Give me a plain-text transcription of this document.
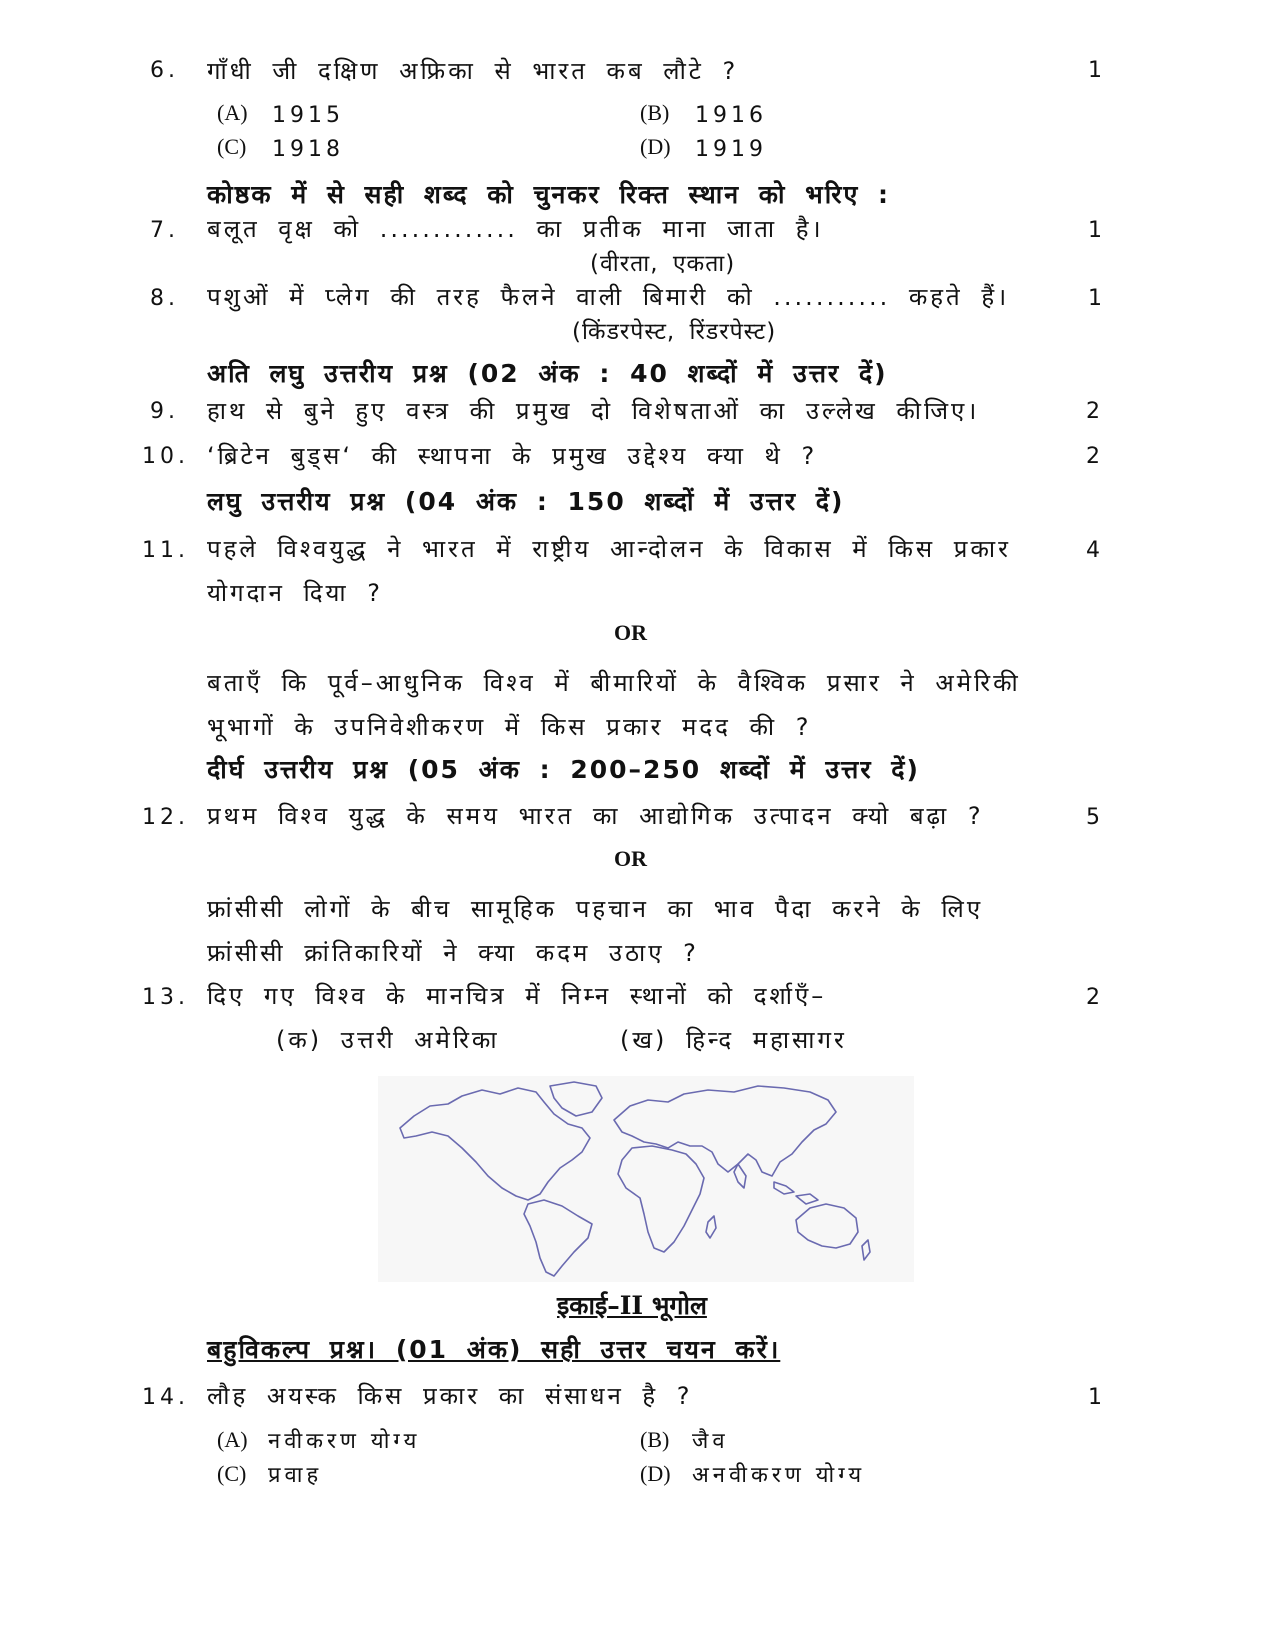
6. गाँधी जी दक्षिण अफ्रिका से भारत कब लौटे ?	1
(A) 1915	(B) 1916
(C) 1918	(D) 1919
कोष्ठक में से सही शब्द को चुनकर रिक्त स्थान को भरिए :
7. बलूत वृक्ष को ............. का प्रतीक माना जाता है।	1
(वीरता, एकता)
8. पशुओं में प्लेग की तरह फैलने वाली बिमारी को ........... कहते हैं।	1
(किंडरपेस्ट, रिंडरपेस्ट)
अति लघु उत्तरीय प्रश्न (02 अंक : 40 शब्दों में उत्तर दें)
9. हाथ से बुने हुए वस्त्र की प्रमुख दो विशेषताओं का उल्लेख कीजिए।	2
10. ‘ब्रिटेन बुड्स‘ की स्थापना के प्रमुख उद्देश्य क्या थे ?	2
लघु उत्तरीय प्रश्न (04 अंक : 150 शब्दों में उत्तर दें)
11. पहले विश्वयुद्ध ने भारत में राष्ट्रीय आन्दोलन के विकास में किस प्रकार	4
योगदान दिया ?
OR
बताएँ कि पूर्व–आधुनिक विश्व में बीमारियों के वैश्विक प्रसार ने अमेरिकी
भूभागों के उपनिवेशीकरण में किस प्रकार मदद की ?
दीर्घ उत्तरीय प्रश्न (05 अंक : 200–250 शब्दों में उत्तर दें)
12. प्रथम विश्व युद्ध के समय भारत का आद्योगिक उत्पादन क्यो बढ़ा ?	5
OR
फ्रांसीसी लोगों के बीच सामूहिक पहचान का भाव पैदा करने के लिए
फ्रांसीसी क्रांतिकारियों ने क्या कदम उठाए ?
13. दिए गए विश्व के मानचित्र में निम्न स्थानों को दर्शाएँ–	2
(क) उत्तरी अमेरिका	(ख) हिन्द महासागर
इकाई–II भूगोल
बहुविकल्प प्रश्न। (01 अंक) सही उत्तर चयन करें।
14. लौह अयस्क किस प्रकार का संसाधन है ?	1
(A) नवीकरण योग्य	(B) जैव
(C) प्रवाह	(D) अनवीकरण योग्य
